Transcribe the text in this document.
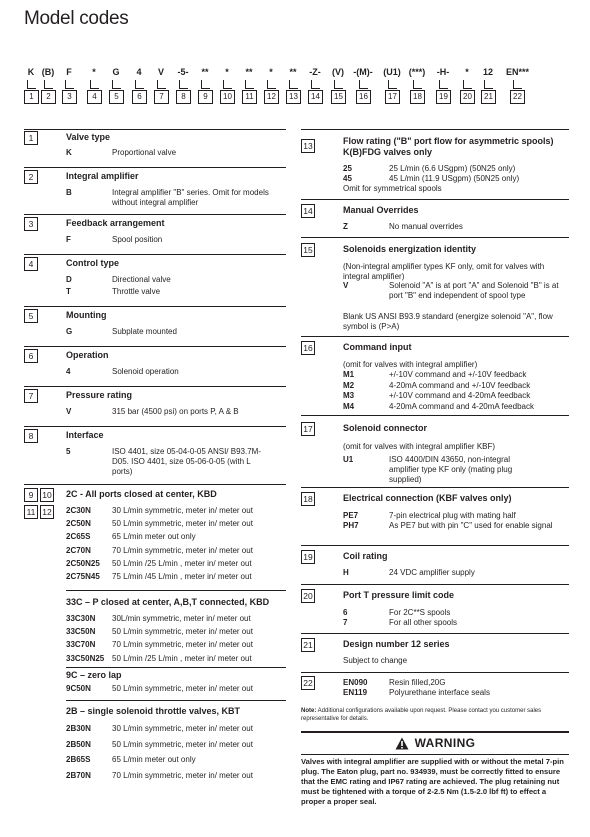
Model codes
K
1
(B)
2
F
3
*
4
G
5
4
6
V
7
-5-
8
**
9
*
10
**
11
*
12
**
13
-Z-
14
(V)
15
-(M)-
16
(U1)
17
(***)
18
-H-
19
*
20
12
21
EN***
22
1	Valve type
K	Proportional valve
2	Integral amplifier
B	Integral amplifier "B" series. Omit for models without integral amplifier
3	Feedback arrangement
F	Spool position
4	Control type
D	Directional valve
T	Throttle valve
5	Mounting
G	Subplate mounted
6	Operation
4	Solenoid operation
7	Pressure rating
V	315 bar (4500 psi) on ports P, A & B
8	Interface
5	ISO 4401, size 05-04-0-05 ANSI/ B93.7M-D05. ISO 4401, size 05-06-0-05 (with L ports)
9	10
11 12
2C - All ports closed at center, KBD
2C30N	30 L/min symmetric, meter in/ meter out
2C50N	50 L/min symmetric, meter in/ meter out
2C65S	65 L/min meter out only
2C70N	70 L/min symmetric, meter in/ meter out
2C50N25 50 L/min /25 L/min , meter in/ meter out
2C75N45 75 L/min /45 L/min , meter in/ meter out
33C – P closed at center, A,B,T connected, KBD
33C30N 30L/min symmetric, meter in/ meter out
33C50N 50 L/min symmetric, meter in/ meter out
33C70N 70 L/min symmetric, meter in/ meter out
33C50N25 50 L/min /25 L/min , meter in/ meter out
9C – zero lap
9C50N	50 L/min symmetric, meter in/ meter out
2B – single solenoid throttle valves, KBT
2B30N	30 L/min symmetric, meter in/ meter out
2B50N	50 L/min symmetric, meter in/ meter out
2B65S	65 L/min meter out only
2B70N	70 L/min symmetric, meter in/ meter out
13	Flow rating ("B" port flow for asymmetric spools) K(B)FDG valves only
25	25 L/min (6.6 USgpm) (50N25 only)
45	45 L/min (11.9 USgpm) (50N25 only)
Omit for symmetrical spools
14	Manual Overrides
Z	No manual overrides
15	Solenoids energization identity
(Non-integral amplifier types KF only, omit for valves with integral amplifier)
V	Solenoid "A" is at port "A" and Solenoid "B" is at port "B" end independent of spool type
Blank US ANSI B93.9 standard (energize solenoid "A", flow symbol is (P>A)
16	Command input
(omit for valves with integral amplifier)
M1	+/-10V command and +/-10V feedback
M2	4-20mA command and +/-10V feedback
M3	+/-10V command and 4-20mA feedback
M4	4-20mA command and 4-20mA feedback
17	Solenoid connector
(omit for valves with integral amplifier KBF)
U1	ISO 4400/DIN 43650, non-integral amplifier type KF only (mating plug supplied)
18	Electrical connection (KBF valves only)
PE7	7-pin electrical plug with mating half
PH7	As PE7 but with pin "C" used for enable signal
19	Coil rating
H	24 VDC amplifier supply
20	Port T pressure limit code
6	For 2C**S spools
7	For all other spools
21	Design number 12 series
Subject to change
22	EN090	Resin filled,20G
EN119	Polyurethane interface seals
Note: Additional configurations available upon request. Please contact you customer sales representative for details.
WARNING
Valves with integral amplifier are supplied with or without the metal 7-pin plug. The Eaton plug, part no. 934939, must be correctly fitted to ensure that the EMC rating and IP67 rating are achieved. The plug retaining nut must be tightened with a torque of 2-2.5 Nm (1.5-2.0 lbf ft) to effect a proper a proper seal.
